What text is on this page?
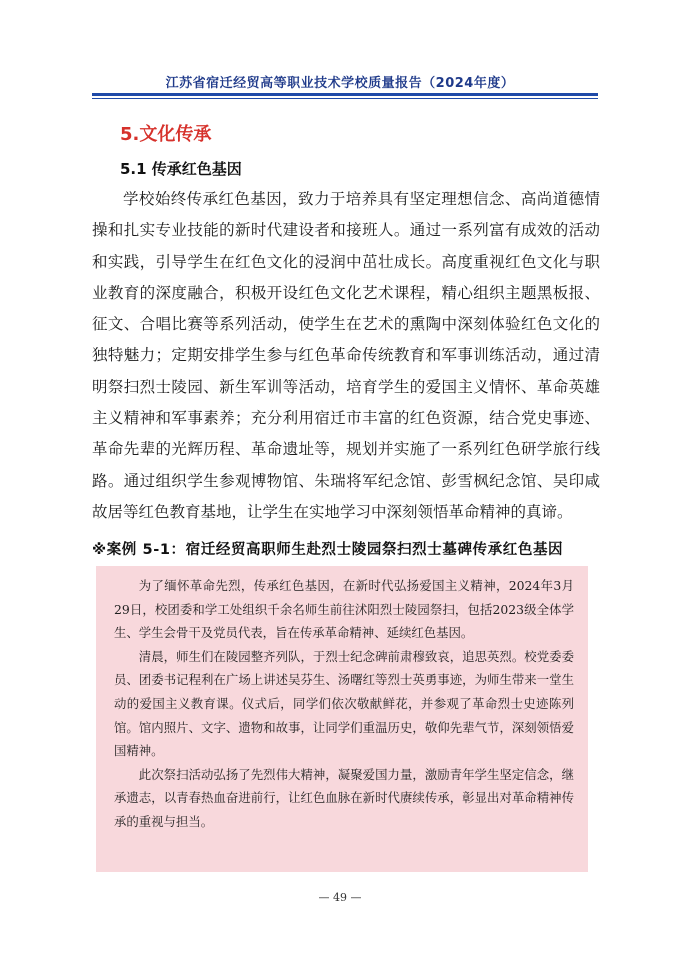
江苏省宿迁经贸高等职业技术学校质量报告（2024年度）
5.文化传承
5.1 传承红色基因

学校始终传承红色基因，致力于培养具有坚定理想信念、高尚道德情操和扎实专业技能的新时代建设者和接班人。通过一系列富有成效的活动和实践，引导学生在红色文化的浸润中茁壮成长。高度重视红色文化与职业教育的深度融合，积极开设红色文化艺术课程，精心组织主题黑板报、征文、合唱比赛等系列活动，使学生在艺术的熏陶中深刻体验红色文化的独特魅力；定期安排学生参与红色革命传统教育和军事训练活动，通过清明祭扫烈士陵园、新生军训等活动，培育学生的爱国主义情怀、革命英雄主义精神和军事素养；充分利用宿迁市丰富的红色资源，结合党史事迹、革命先辈的光辉历程、革命遗址等，规划并实施了一系列红色研学旅行线路。通过组织学生参观博物馆、朱瑞将军纪念馆、彭雪枫纪念馆、吴印咸故居等红色教育基地，让学生在实地学习中深刻领悟革命精神的真谛。

※案例 5-1：宿迁经贸高职师生赴烈士陵园祭扫烈士墓碑传承红色基因

为了缅怀革命先烈，传承红色基因，在新时代弘扬爱国主义精神，2024年3月29日，校团委和学工处组织千余名师生前往沭阳烈士陵园祭扫，包括2023级全体学生、学生会骨干及党员代表，旨在传承革命精神、延续红色基因。

清晨，师生们在陵园整齐列队，于烈士纪念碑前肃穆致哀，追思英烈。校党委委员、团委书记程利在广场上讲述吴芬生、汤曙红等烈士英勇事迹，为师生带来一堂生动的爱国主义教育课。仪式后，同学们依次敬献鲜花，并参观了革命烈士史迹陈列馆。馆内照片、文字、遗物和故事，让同学们重温历史，敬仰先辈气节，深刻领悟爱国精神。

此次祭扫活动弘扬了先烈伟大精神，凝聚爱国力量，激励青年学生坚定信念，继承遗志，以青春热血奋进前行，让红色血脉在新时代赓续传承，彰显出对革命精神传承的重视与担当。

— 49 —
